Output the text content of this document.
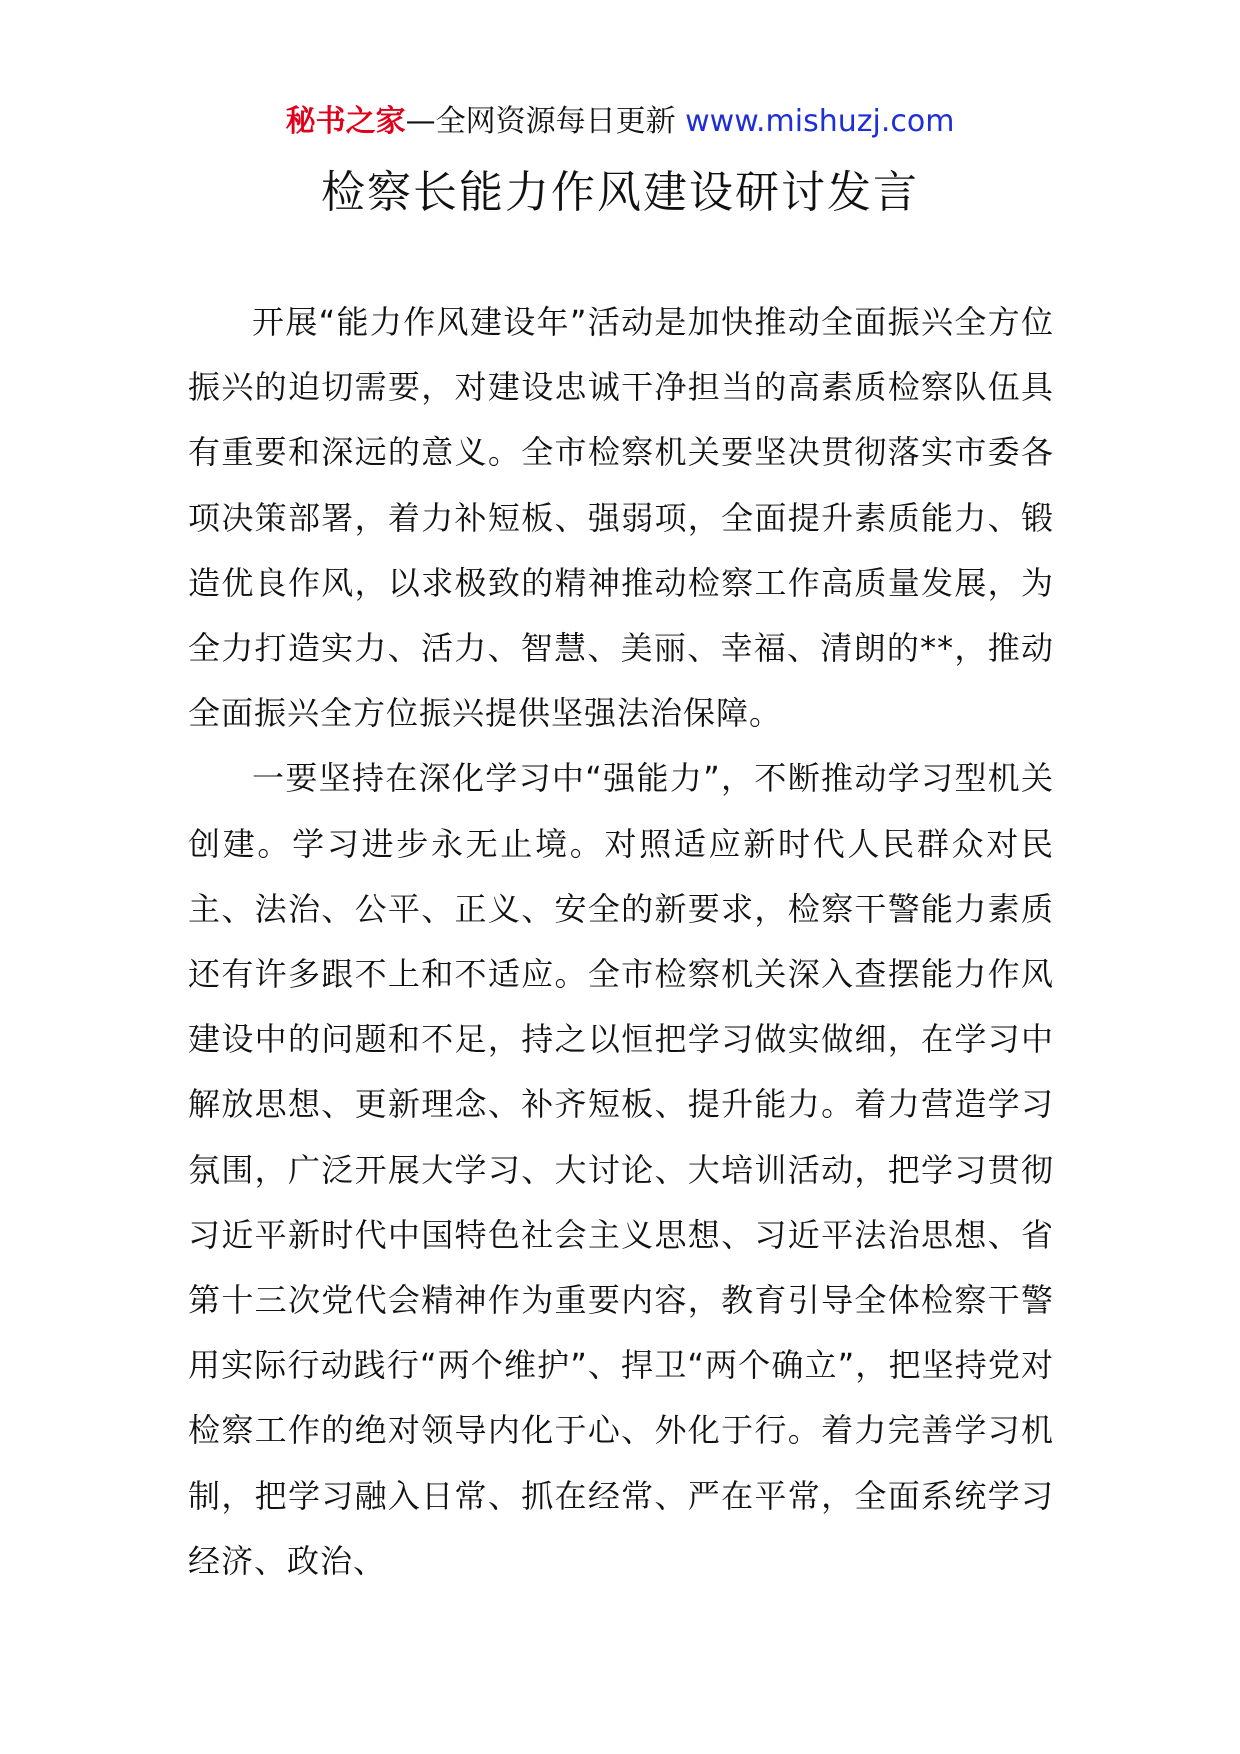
秘书之家—全网资源每日更新 www.mishuzj.com
检察长能力作风建设研讨发言

开展“能力作风建设年”活动是加快推动全面振兴全方位振兴的迫切需要，对建设忠诚干净担当的高素质检察队伍具有重要和深远的意义。全市检察机关要坚决贯彻落实市委各项决策部署，着力补短板、强弱项，全面提升素质能力、锻造优良作风，以求极致的精神推动检察工作高质量发展，为全力打造实力、活力、智慧、美丽、幸福、清朗的**，推动全面振兴全方位振兴提供坚强法治保障。

一要坚持在深化学习中“强能力”，不断推动学习型机关创建。学习进步永无止境。对照适应新时代人民群众对民主、法治、公平、正义、安全的新要求，检察干警能力素质还有许多跟不上和不适应。全市检察机关深入查摆能力作风建设中的问题和不足，持之以恒把学习做实做细，在学习中解放思想、更新理念、补齐短板、提升能力。着力营造学习氛围，广泛开展大学习、大讨论、大培训活动，把学习贯彻习近平新时代中国特色社会主义思想、习近平法治思想、省第十三次党代会精神作为重要内容，教育引导全体检察干警用实际行动践行“两个维护”、捍卫“两个确立”，把坚持党对检察工作的绝对领导内化于心、外化于行。着力完善学习机制，把学习融入日常、抓在经常、严在平常，全面系统学习经济、政治、
